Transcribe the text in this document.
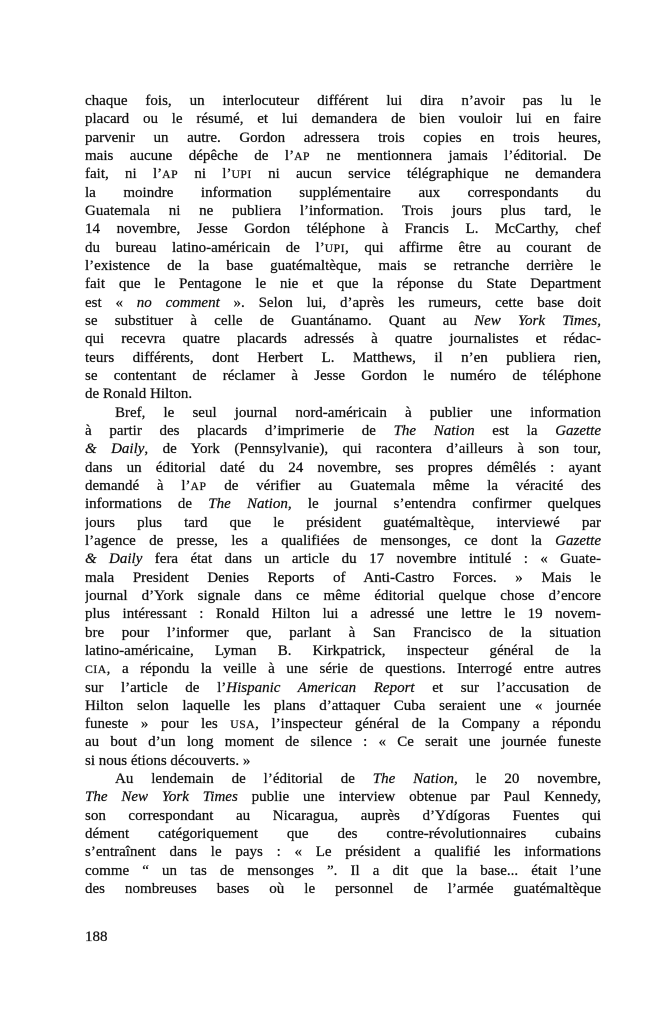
chaque fois, un interlocuteur différent lui dira n’avoir pas lu le
placard ou le résumé, et lui demandera de bien vouloir lui en faire
parvenir un autre. Gordon adressera trois copies en trois heures,
mais aucune dépêche de l’AP ne mentionnera jamais l’éditorial. De
fait, ni l’AP ni l’UPI ni aucun service télégraphique ne demandera
la moindre information supplémentaire aux correspondants du
Guatemala ni ne publiera l’information. Trois jours plus tard, le
14 novembre, Jesse Gordon téléphone à Francis L. McCarthy, chef
du bureau latino-américain de l’UPI, qui affirme être au courant de
l’existence de la base guatémaltèque, mais se retranche derrière le
fait que le Pentagone le nie et que la réponse du State Department
est « no comment ». Selon lui, d’après les rumeurs, cette base doit
se substituer à celle de Guantánamo. Quant au New York Times,
qui recevra quatre placards adressés à quatre journalistes et rédac-
teurs différents, dont Herbert L. Matthews, il n’en publiera rien,
se contentant de réclamer à Jesse Gordon le numéro de téléphone
de Ronald Hilton.
Bref, le seul journal nord-américain à publier une information
à partir des placards d’imprimerie de The Nation est la Gazette
& Daily, de York (Pennsylvanie), qui racontera d’ailleurs à son tour,
dans un éditorial daté du 24 novembre, ses propres démêlés : ayant
demandé à l’AP de vérifier au Guatemala même la véracité des
informations de The Nation, le journal s’entendra confirmer quelques
jours plus tard que le président guatémaltèque, interviewé par
l’agence de presse, les a qualifiées de mensonges, ce dont la Gazette
& Daily fera état dans un article du 17 novembre intitulé : « Guate-
mala President Denies Reports of Anti-Castro Forces. » Mais le
journal d’York signale dans ce même éditorial quelque chose d’encore
plus intéressant : Ronald Hilton lui a adressé une lettre le 19 novem-
bre pour l’informer que, parlant à San Francisco de la situation
latino-américaine, Lyman B. Kirkpatrick, inspecteur général de la
CIA, a répondu la veille à une série de questions. Interrogé entre autres
sur l’article de l’Hispanic American Report et sur l’accusation de
Hilton selon laquelle les plans d’attaquer Cuba seraient une « journée
funeste » pour les USA, l’inspecteur général de la Company a répondu
au bout d’un long moment de silence : « Ce serait une journée funeste
si nous étions découverts. »
Au lendemain de l’éditorial de The Nation, le 20 novembre,
The New York Times publie une interview obtenue par Paul Kennedy,
son correspondant au Nicaragua, auprès d’Ydígoras Fuentes qui
dément catégoriquement que des contre-révolutionnaires cubains
s’entraînent dans le pays : « Le président a qualifié les informations
comme “ un tas de mensonges ”. Il a dit que la base... était l’une
des nombreuses bases où le personnel de l’armée guatémaltèque
188
